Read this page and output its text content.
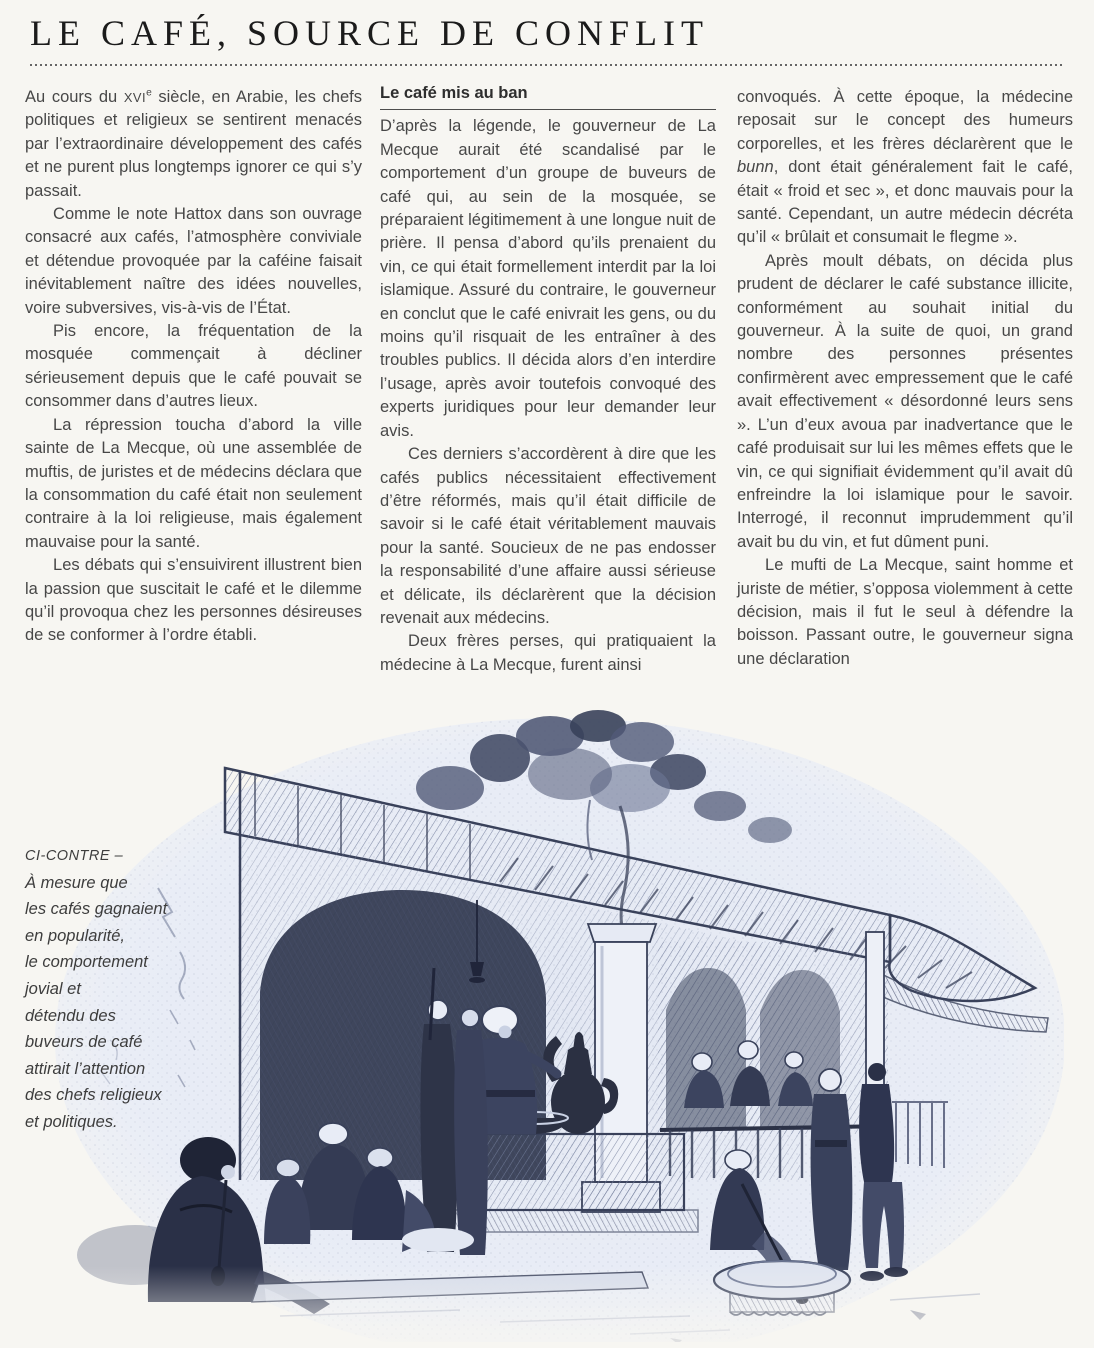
LE CAFÉ, SOURCE DE CONFLIT

Au cours du XVIe siècle, en Arabie, les chefs politiques et religieux se sentirent menacés par l’extraordinaire développement des cafés et ne purent plus longtemps ignorer ce qui s’y passait.

Comme le note Hattox dans son ouvrage consacré aux cafés, l’atmosphère conviviale et détendue provoquée par la caféine faisait inévitablement naître des idées nouvelles, voire subversives, vis-à-vis de l’État.

Pis encore, la fréquentation de la mosquée commençait à décliner sérieusement depuis que le café pouvait se consommer dans d’autres lieux.

La répression toucha d’abord la ville sainte de La Mecque, où une assemblée de muftis, de juristes et de médecins déclara que la consommation du café était non seulement contraire à la loi religieuse, mais également mauvaise pour la santé.

Les débats qui s’ensuivirent illustrent bien la passion que suscitait le café et le dilemme qu’il provoqua chez les personnes désireuses de se conformer à l’ordre établi.

Le café mis au ban

D’après la légende, le gouverneur de La Mecque aurait été scandalisé par le comportement d’un groupe de buveurs de café qui, au sein de la mosquée, se préparaient légitimement à une longue nuit de prière. Il pensa d’abord qu’ils prenaient du vin, ce qui était formellement interdit par la loi islamique. Assuré du contraire, le gouverneur en conclut que le café enivrait les gens, ou du moins qu’il risquait de les entraîner à des troubles publics. Il décida alors d’en interdire l’usage, après avoir toutefois convoqué des experts juridiques pour leur demander leur avis.

Ces derniers s’accordèrent à dire que les cafés publics nécessitaient effectivement d’être réformés, mais qu’il était difficile de savoir si le café était véritablement mauvais pour la santé. Soucieux de ne pas endosser la responsabilité d’une affaire aussi sérieuse et délicate, ils déclarèrent que la décision revenait aux médecins.

Deux frères perses, qui pratiquaient la médecine à La Mecque, furent ainsi

convoqués. À cette époque, la médecine reposait sur le concept des humeurs corporelles, et les frères déclarèrent que le bunn, dont était généralement fait le café, était « froid et sec », et donc mauvais pour la santé. Cependant, un autre médecin décréta qu’il « brûlait et consumait le flegme ».

Après moult débats, on décida plus prudent de déclarer le café substance illicite, conformément au souhait initial du gouverneur. À la suite de quoi, un grand nombre des personnes présentes confirmèrent avec empressement que le café avait effectivement « désordonné leurs sens ». L’un d’eux avoua par inadvertance que le café produisait sur lui les mêmes effets que le vin, ce qui signifiait évidemment qu’il avait dû enfreindre la loi islamique pour le savoir. Interrogé, il reconnut imprudemment qu’il avait bu du vin, et fut dûment puni.

Le mufti de La Mecque, saint homme et juriste de métier, s’opposa violemment à cette décision, mais il fut le seul à défendre la boisson. Passant outre, le gouverneur signa une déclaration

CI-CONTRE –
À mesure que
les cafés gagnaient
en popularité,
le comportement
jovial et
détendu des
buveurs de café
attirait l’attention
des chefs religieux
et politiques.
